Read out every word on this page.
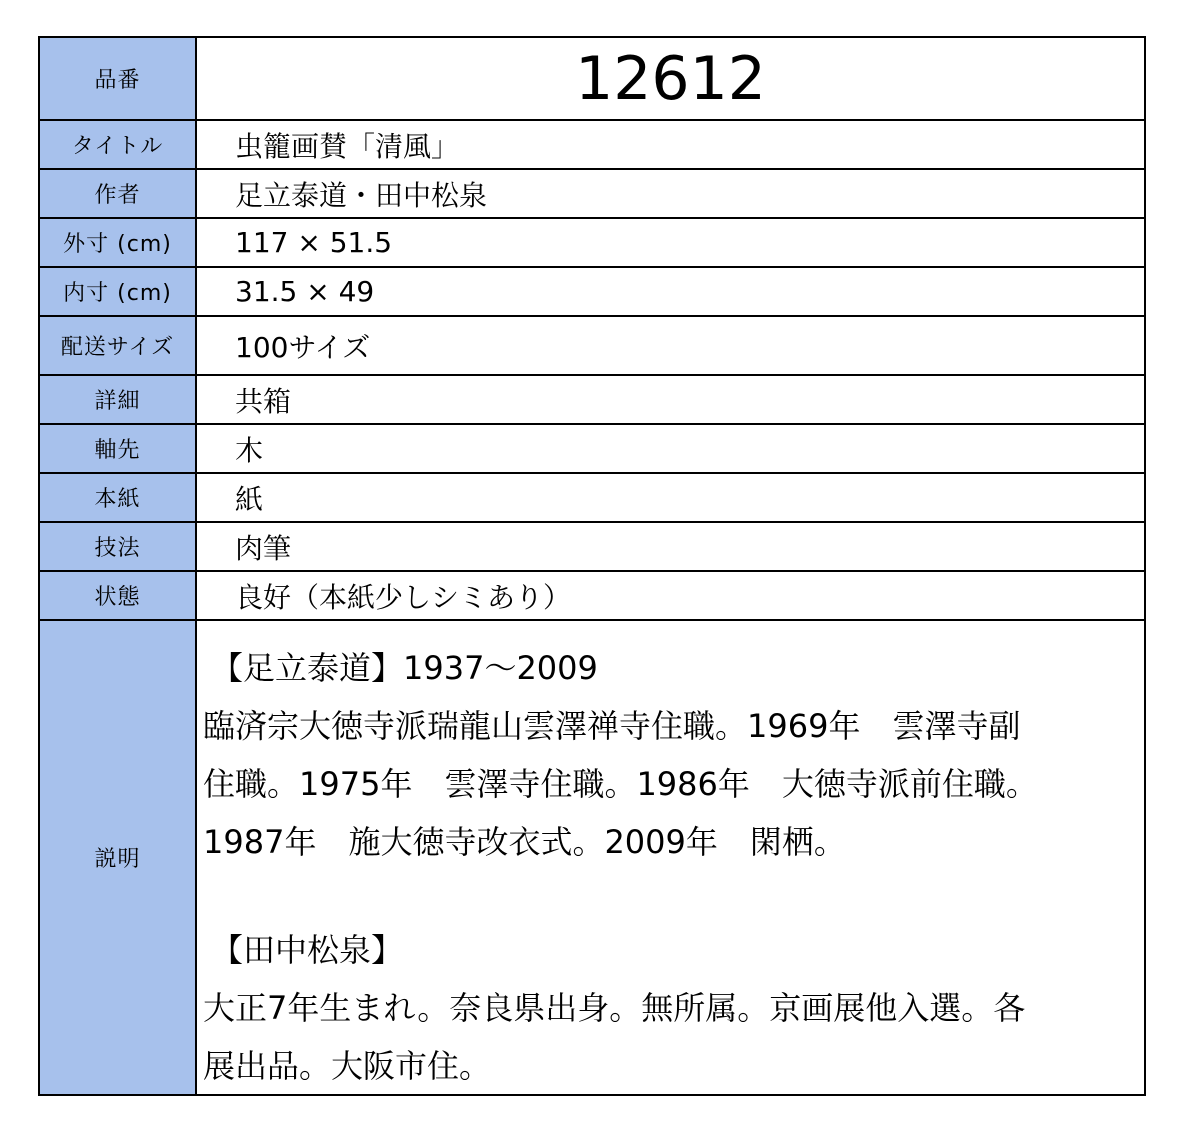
品番	12612
タイトル	虫籠画賛「清風」
作者	足立泰道・田中松泉
外寸 (cm)	117 × 51.5
内寸 (cm)	31.5 × 49
配送サイズ	100サイズ
詳細	共箱
軸先	木
本紙	紙
技法	肉筆
状態	良好（本紙少しシミあり）
説明
【足立泰道】1937〜2009
臨済宗大徳寺派瑞龍山雲澤禅寺住職。1969年　雲澤寺副
住職。1975年　雲澤寺住職。1986年　大徳寺派前住職。
1987年　施大徳寺改衣式。2009年　閑栖。
【田中松泉】
大正7年生まれ。奈良県出身。無所属。京画展他入選。各
展出品。大阪市住。
